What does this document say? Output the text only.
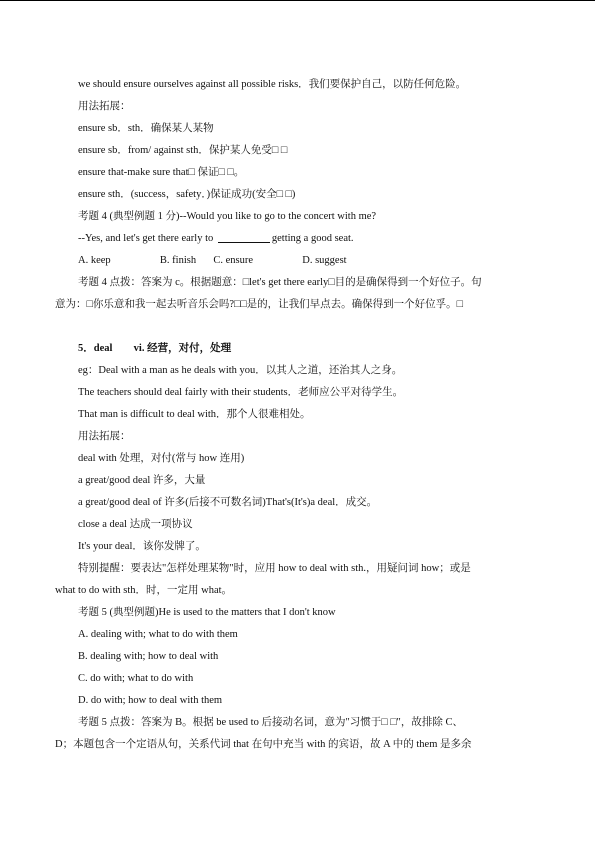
we should ensure ourselves against all possible risks．我们要保护自己，以防任何危险。
用法拓展：
ensure sb．sth．确保某人某物
ensure sb．from/ against sth．保护某人免受□ □
ensure that-make sure that□ 保证□ □。
ensure sth．(success，safety．)保证成功(安全□ □)
考题 4 (典型例题 1 分)--Would you like to go to the concert with me?
--Yes, and let's get there early to	getting a good seat.
A. keep	B. finish C. ensure	D. suggest
考题 4 点拨：答案为 c。根据题意：□let's get there early□目的是确保得到一个好位子。句
意为：□你乐意和我一起去听音乐会吗?□□是的，让我们早点去。确保得到一个好位孚。□
5．deal vi. 经营，对付，处理
eg：Deal with a man as he deals with you．以其人之道，还治其人之身。
The teachers should deal fairly with their students．老师应公平对待学生。
That man is difficult to deal with．那个人很难相处。
用法拓展：
deal with 处理，对付(常与 how 连用)
a great/good deal 许多，大量
a great/good deal of 许多(后接不可数名词)That's(It's)a deal．成交。
close a deal 达成一项协议
It's your deal．该你发牌了。
特别提醒：要表达"怎样处理某物"时，应用 how to deal with sth.，用疑问词 how；或是
what to do with sth．时，一定用 what。
考题 5 (典型例题)He is used to the matters that I don't know
A. dealing with; what to do with them
B. dealing with; how to deal with
C. do with; what to do with
D. do with; how to deal with them
考题 5 点拨：答案为 B。根据 be used to 后接动名词，意为"习惯于□ □"，故排除 C、
D；本题包含一个定语从句，关系代词 that 在句中充当 with 的宾语，故 A 中的 them 是多余
